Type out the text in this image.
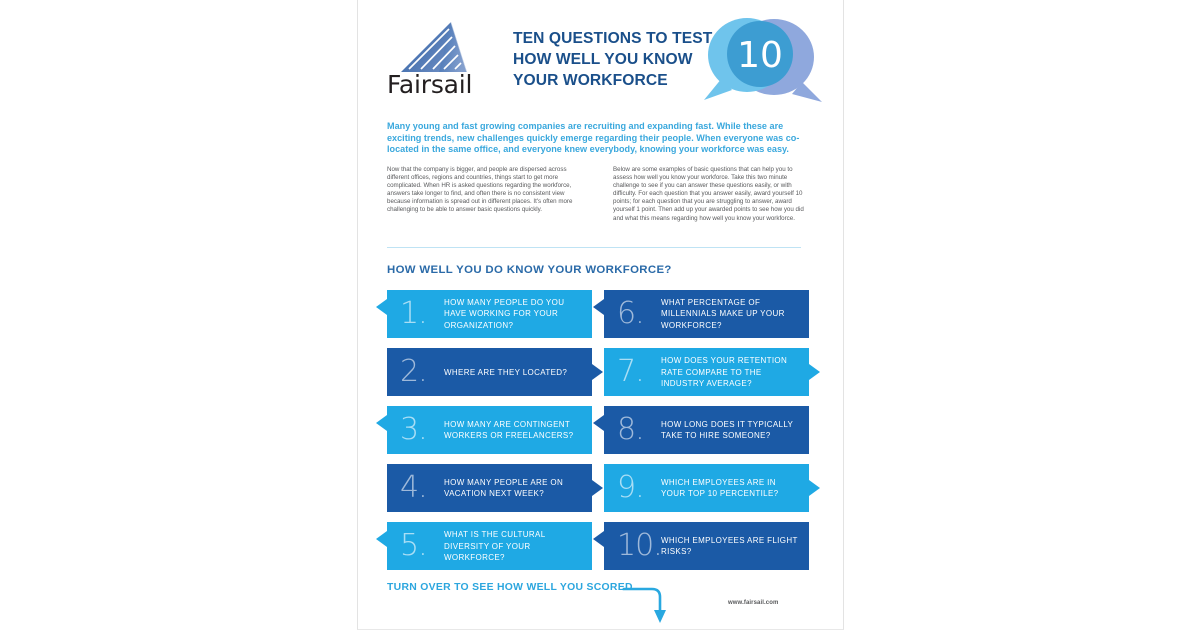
Fairsail
TEN QUESTIONS TO TEST
HOW WELL YOU KNOW
YOUR WORKFORCE
10
Many young and fast growing companies are recruiting and expanding fast. While these are exciting trends, new challenges quickly emerge regarding their people. When everyone was co-located in the same office, and everyone knew everybody, knowing your workforce was easy.
Now that the company is bigger, and people are dispersed across different offices, regions and countries, things start to get more complicated. When HR is asked questions regarding the workforce, answers take longer to find, and often there is no consistent view because information is spread out in different places. It's often more challenging to be able to answer basic questions quickly.
Below are some examples of basic questions that can help you to assess how well you know your workforce. Take this two minute challenge to see if you can answer these questions easily, or with difficulty. For each question that you answer easily, award yourself 10 points; for each question that you are struggling to answer, award yourself 1 point. Then add up your awarded points to see how you did and what this means regarding how well you know your workforce.
HOW WELL YOU DO KNOW YOUR WORKFORCE?
1.	HOW MANY PEOPLE DO YOU HAVE WORKING FOR YOUR ORGANIZATION?
2.	WHERE ARE THEY LOCATED?
3.	HOW MANY ARE CONTINGENT WORKERS OR FREELANCERS?
4.	HOW MANY PEOPLE ARE ON VACATION NEXT WEEK?
5.	WHAT IS THE CULTURAL DIVERSITY OF YOUR WORKFORCE?
6.	WHAT PERCENTAGE OF MILLENNIALS MAKE UP YOUR WORKFORCE?
7.	HOW DOES YOUR RETENTION RATE COMPARE TO THE INDUSTRY AVERAGE?
8.	HOW LONG DOES IT TYPICALLY TAKE TO HIRE SOMEONE?
9.	WHICH EMPLOYEES ARE IN YOUR TOP 10 PERCENTILE?
10. WHICH EMPLOYEES ARE FLIGHT RISKS?
TURN OVER TO SEE HOW WELL YOU SCORED.
www.fairsail.com
